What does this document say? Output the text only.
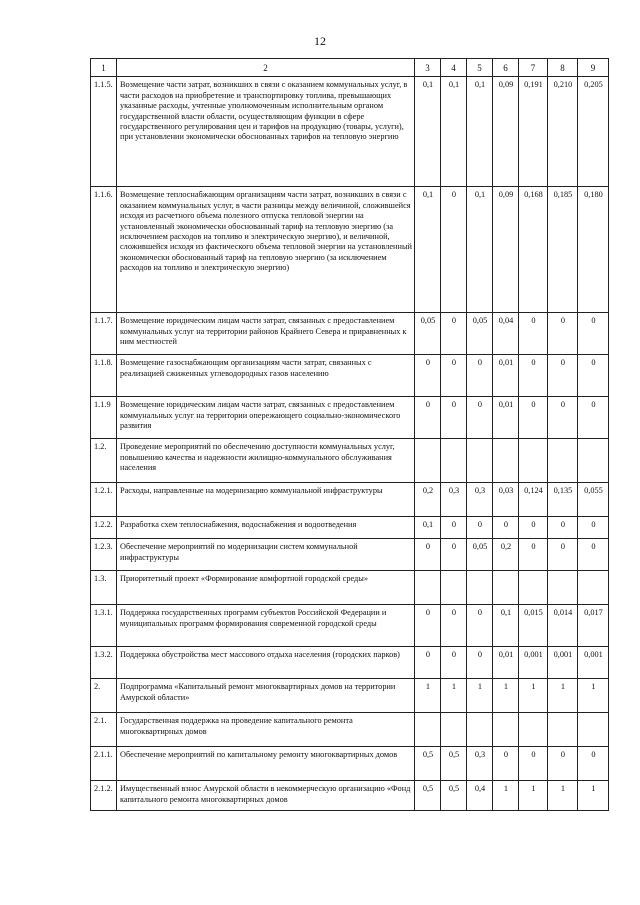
12
1	2	3	4	5	6	7	8	9
1.1.5.	Возмещение части затрат, возникших в связи с оказанием коммунальных услуг, в части расходов на приобретение и транспортировку топлива, превышающих указанные расходы, учтенные уполномоченным исполнительным органом государственной власти области, осуществляющим функции в сфере государственного регулирования цен и тарифов на продукцию (товары, услуги), при установлении экономически обоснованных тарифов на тепловую энергию	0,1	0,1	0,1	0,09	0,191	0,210	0,205
1.1.6.	Возмещение теплоснабжающим организациям части затрат, возникших в связи с оказанием коммунальных услуг, в части разницы между величиной, сложившейся исходя из расчетного объема полезного отпуска тепловой энергии на установленный экономически обоснованный тариф на тепловую энергию (за исключением расходов на топливо и электрическую энергию), и величиной, сложившейся исходя из фактического объема тепловой энергии на установленный экономически обоснованный тариф на тепловую энергию (за исключением расходов на топливо и электрическую энергию)	0,1	0	0,1	0,09	0,168	0,185	0,180
1.1.7.	Возмещение юридическим лицам части затрат, связанных с предоставлением коммунальных услуг на территории районов Крайнего Севера и приравненных к ним местностей	0,05	0	0,05	0,04	0	0	0
1.1.8.	Возмещение газоснабжающим организациям части затрат, связанных с реализацией сжиженных углеводородных газов населению	0	0	0	0,01	0	0	0
1.1.9	Возмещение юридическим лицам части затрат, связанных с предоставлением коммунальных услуг на территории опережающего социально-экономического развития	0	0	0	0,01	0	0	0
1.2.	Проведение мероприятий по обеспечению доступности коммунальных услуг, повышению качества и надежности жилищно-коммунального обслуживания населения							
1.2.1.	Расходы, направленные на модернизацию коммунальной инфраструктуры	0,2	0,3	0,3	0,03	0,124	0,135	0,055
1.2.2.	Разработка схем теплоснабжения, водоснабжения и водоотведения	0,1	0	0	0	0	0	0
1.2.3.	Обеспечение мероприятий по модернизации систем коммунальной инфраструктуры	0	0	0,05	0,2	0	0	0
1.3.	Приоритетный проект «Формирование комфортной городской среды»							
1.3.1.	Поддержка государственных программ субъектов Российской Федерации и муниципальных программ формирования современной городской среды	0	0	0	0,1	0,015	0,014	0,017
1.3.2.	Поддержка обустройства мест массового отдыха населения (городских парков)	0	0	0	0,01	0,001	0,001	0,001
2.	Подпрограмма «Капитальный ремонт многоквартирных домов на территории Амурской области»	1	1	1	1	1	1	1
2.1.	Государственная поддержка на проведение капитального ремонта многоквартирных домов							
2.1.1.	Обеспечение мероприятий по капитальному ремонту многоквартирных домов	0,5	0,5	0,3	0	0	0	0
2.1.2.	Имущественный взнос Амурской области в некоммерческую организацию «Фонд капитального ремонта многоквартирных домов	0,5	0,5	0,4	1	1	1	1
